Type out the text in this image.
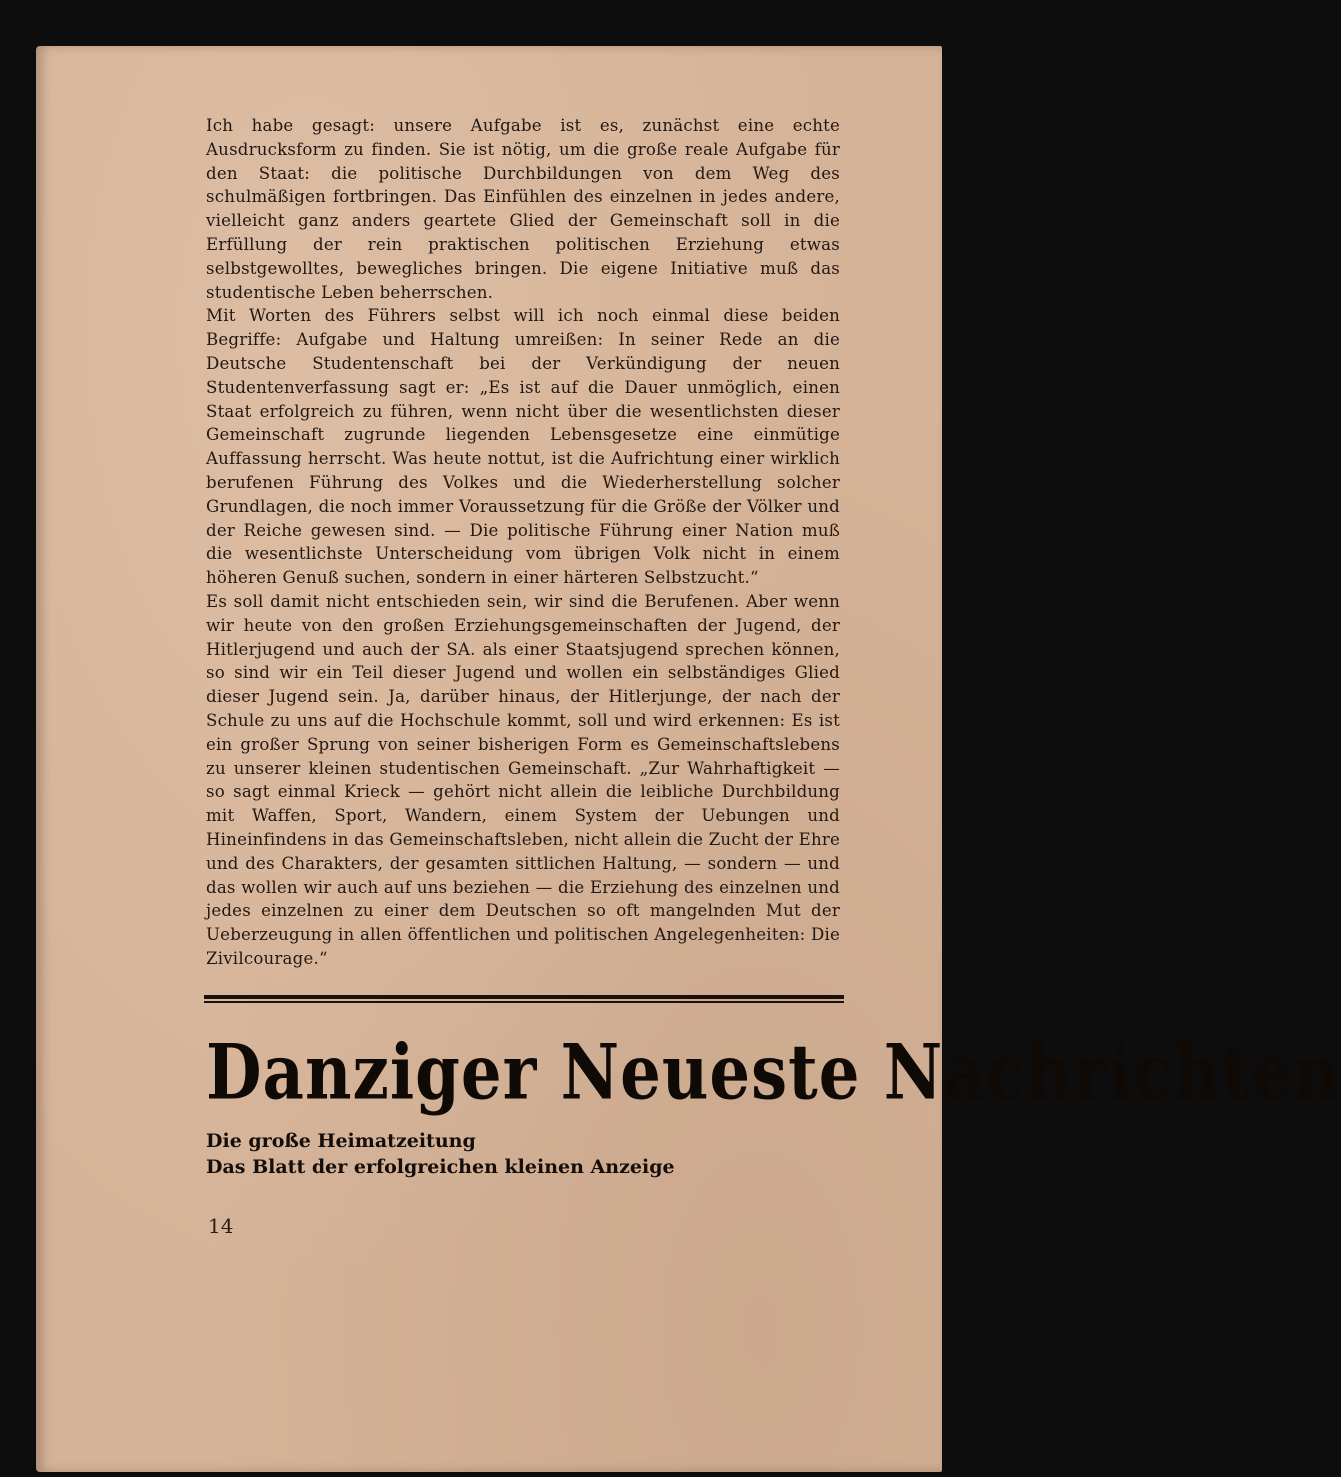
Ich habe gesagt: unsere Aufgabe ist es, zunächst eine echte Ausdrucksform zu finden. Sie ist nötig, um die große reale Aufgabe für den Staat: die politische Durchbildungen von dem Weg des schulmäßigen fortbringen. Das Einfühlen des einzelnen in jedes andere, vielleicht ganz anders geartete Glied der Gemeinschaft soll in die Erfüllung der rein praktischen politischen Erziehung etwas selbstgewolltes, bewegliches bringen. Die eigene Initiative muß das studentische Leben beherrschen.

Mit Worten des Führers selbst will ich noch einmal diese beiden Begriffe: Aufgabe und Haltung umreißen: In seiner Rede an die Deutsche Studentenschaft bei der Verkündigung der neuen Studentenverfassung sagt er: „Es ist auf die Dauer unmöglich, einen Staat erfolgreich zu führen, wenn nicht über die wesentlichsten dieser Gemeinschaft zugrunde liegenden Lebensgesetze eine einmütige Auffassung herrscht. Was heute nottut, ist die Aufrichtung einer wirklich berufenen Führung des Volkes und die Wiederherstellung solcher Grundlagen, die noch immer Voraussetzung für die Größe der Völker und der Reiche gewesen sind. — Die politische Führung einer Nation muß die wesentlichste Unterscheidung vom übrigen Volk nicht in einem höheren Genuß suchen, sondern in einer härteren Selbstzucht.“

Es soll damit nicht entschieden sein, wir sind die Berufenen. Aber wenn wir heute von den großen Erziehungsgemeinschaften der Jugend, der Hitlerjugend und auch der SA. als einer Staatsjugend sprechen können, so sind wir ein Teil dieser Jugend und wollen ein selbständiges Glied dieser Jugend sein. Ja, darüber hinaus, der Hitlerjunge, der nach der Schule zu uns auf die Hochschule kommt, soll und wird erkennen: Es ist ein großer Sprung von seiner bisherigen Form es Gemeinschaftslebens zu unserer kleinen studentischen Gemeinschaft. „Zur Wahrhaftigkeit — so sagt einmal Krieck — gehört nicht allein die leibliche Durchbildung mit Waffen, Sport, Wandern, einem System der Uebungen und Hineinfindens in das Gemeinschaftsleben, nicht allein die Zucht der Ehre und des Charakters, der gesamten sittlichen Haltung, — sondern — und das wollen wir auch auf uns beziehen — die Erziehung des einzelnen und jedes einzelnen zu einer dem Deutschen so oft mangelnden Mut der Ueberzeugung in allen öffentlichen und politischen Angelegenheiten: Die Zivilcourage.“

Danziger Neueste Nachrichten
Die große Heimatzeitung
Das Blatt der erfolgreichen kleinen Anzeige
14
